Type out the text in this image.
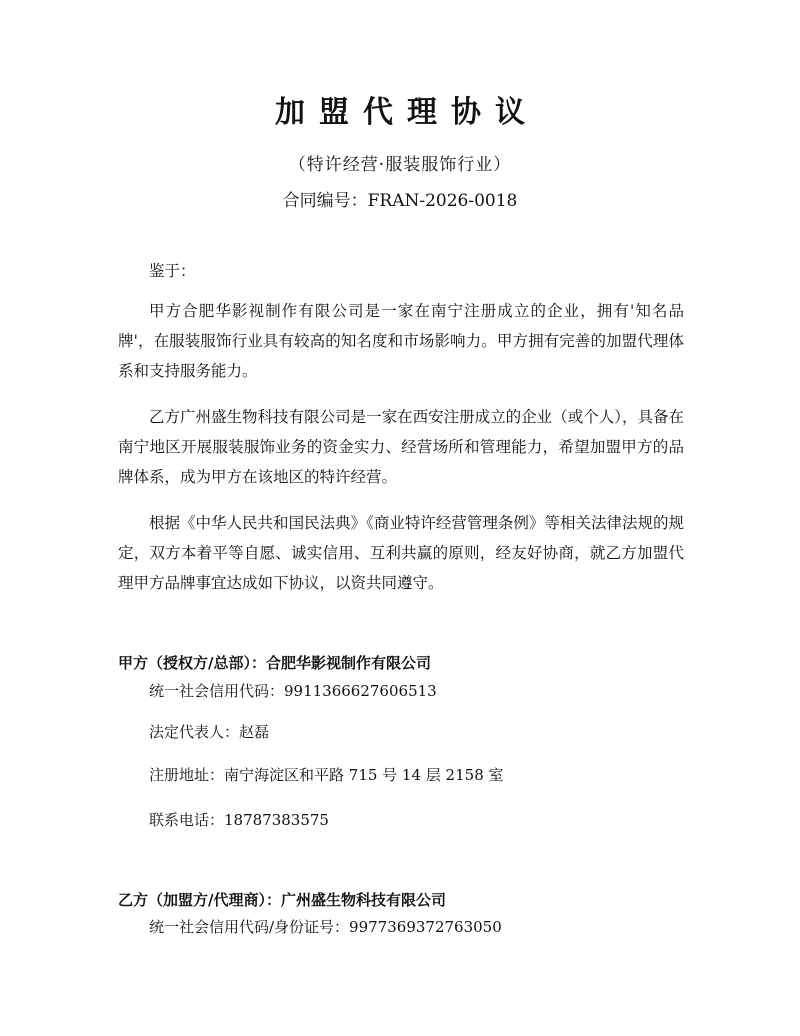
加盟代理协议
（特许经营·服装服饰行业）
合同编号：FRAN-2026-0018
鉴于：

甲方合肥华影视制作有限公司是一家在南宁注册成立的企业，拥有'知名品牌'，在服装服饰行业具有较高的知名度和市场影响力。甲方拥有完善的加盟代理体系和支持服务能力。

乙方广州盛生物科技有限公司是一家在西安注册成立的企业（或个人），具备在南宁地区开展服装服饰业务的资金实力、经营场所和管理能力，希望加盟甲方的品牌体系，成为甲方在该地区的特许经营。

根据《中华人民共和国民法典》《商业特许经营管理条例》等相关法律法规的规定，双方本着平等自愿、诚实信用、互利共赢的原则，经友好协商，就乙方加盟代理甲方品牌事宜达成如下协议，以资共同遵守。

甲方（授权方/总部）：合肥华影视制作有限公司
统一社会信用代码：9911366627606513
法定代表人：赵磊
注册地址：南宁海淀区和平路 715 号 14 层 2158 室
联系电话：18787383575
乙方（加盟方/代理商）：广州盛生物科技有限公司
统一社会信用代码/身份证号：9977369372763050
